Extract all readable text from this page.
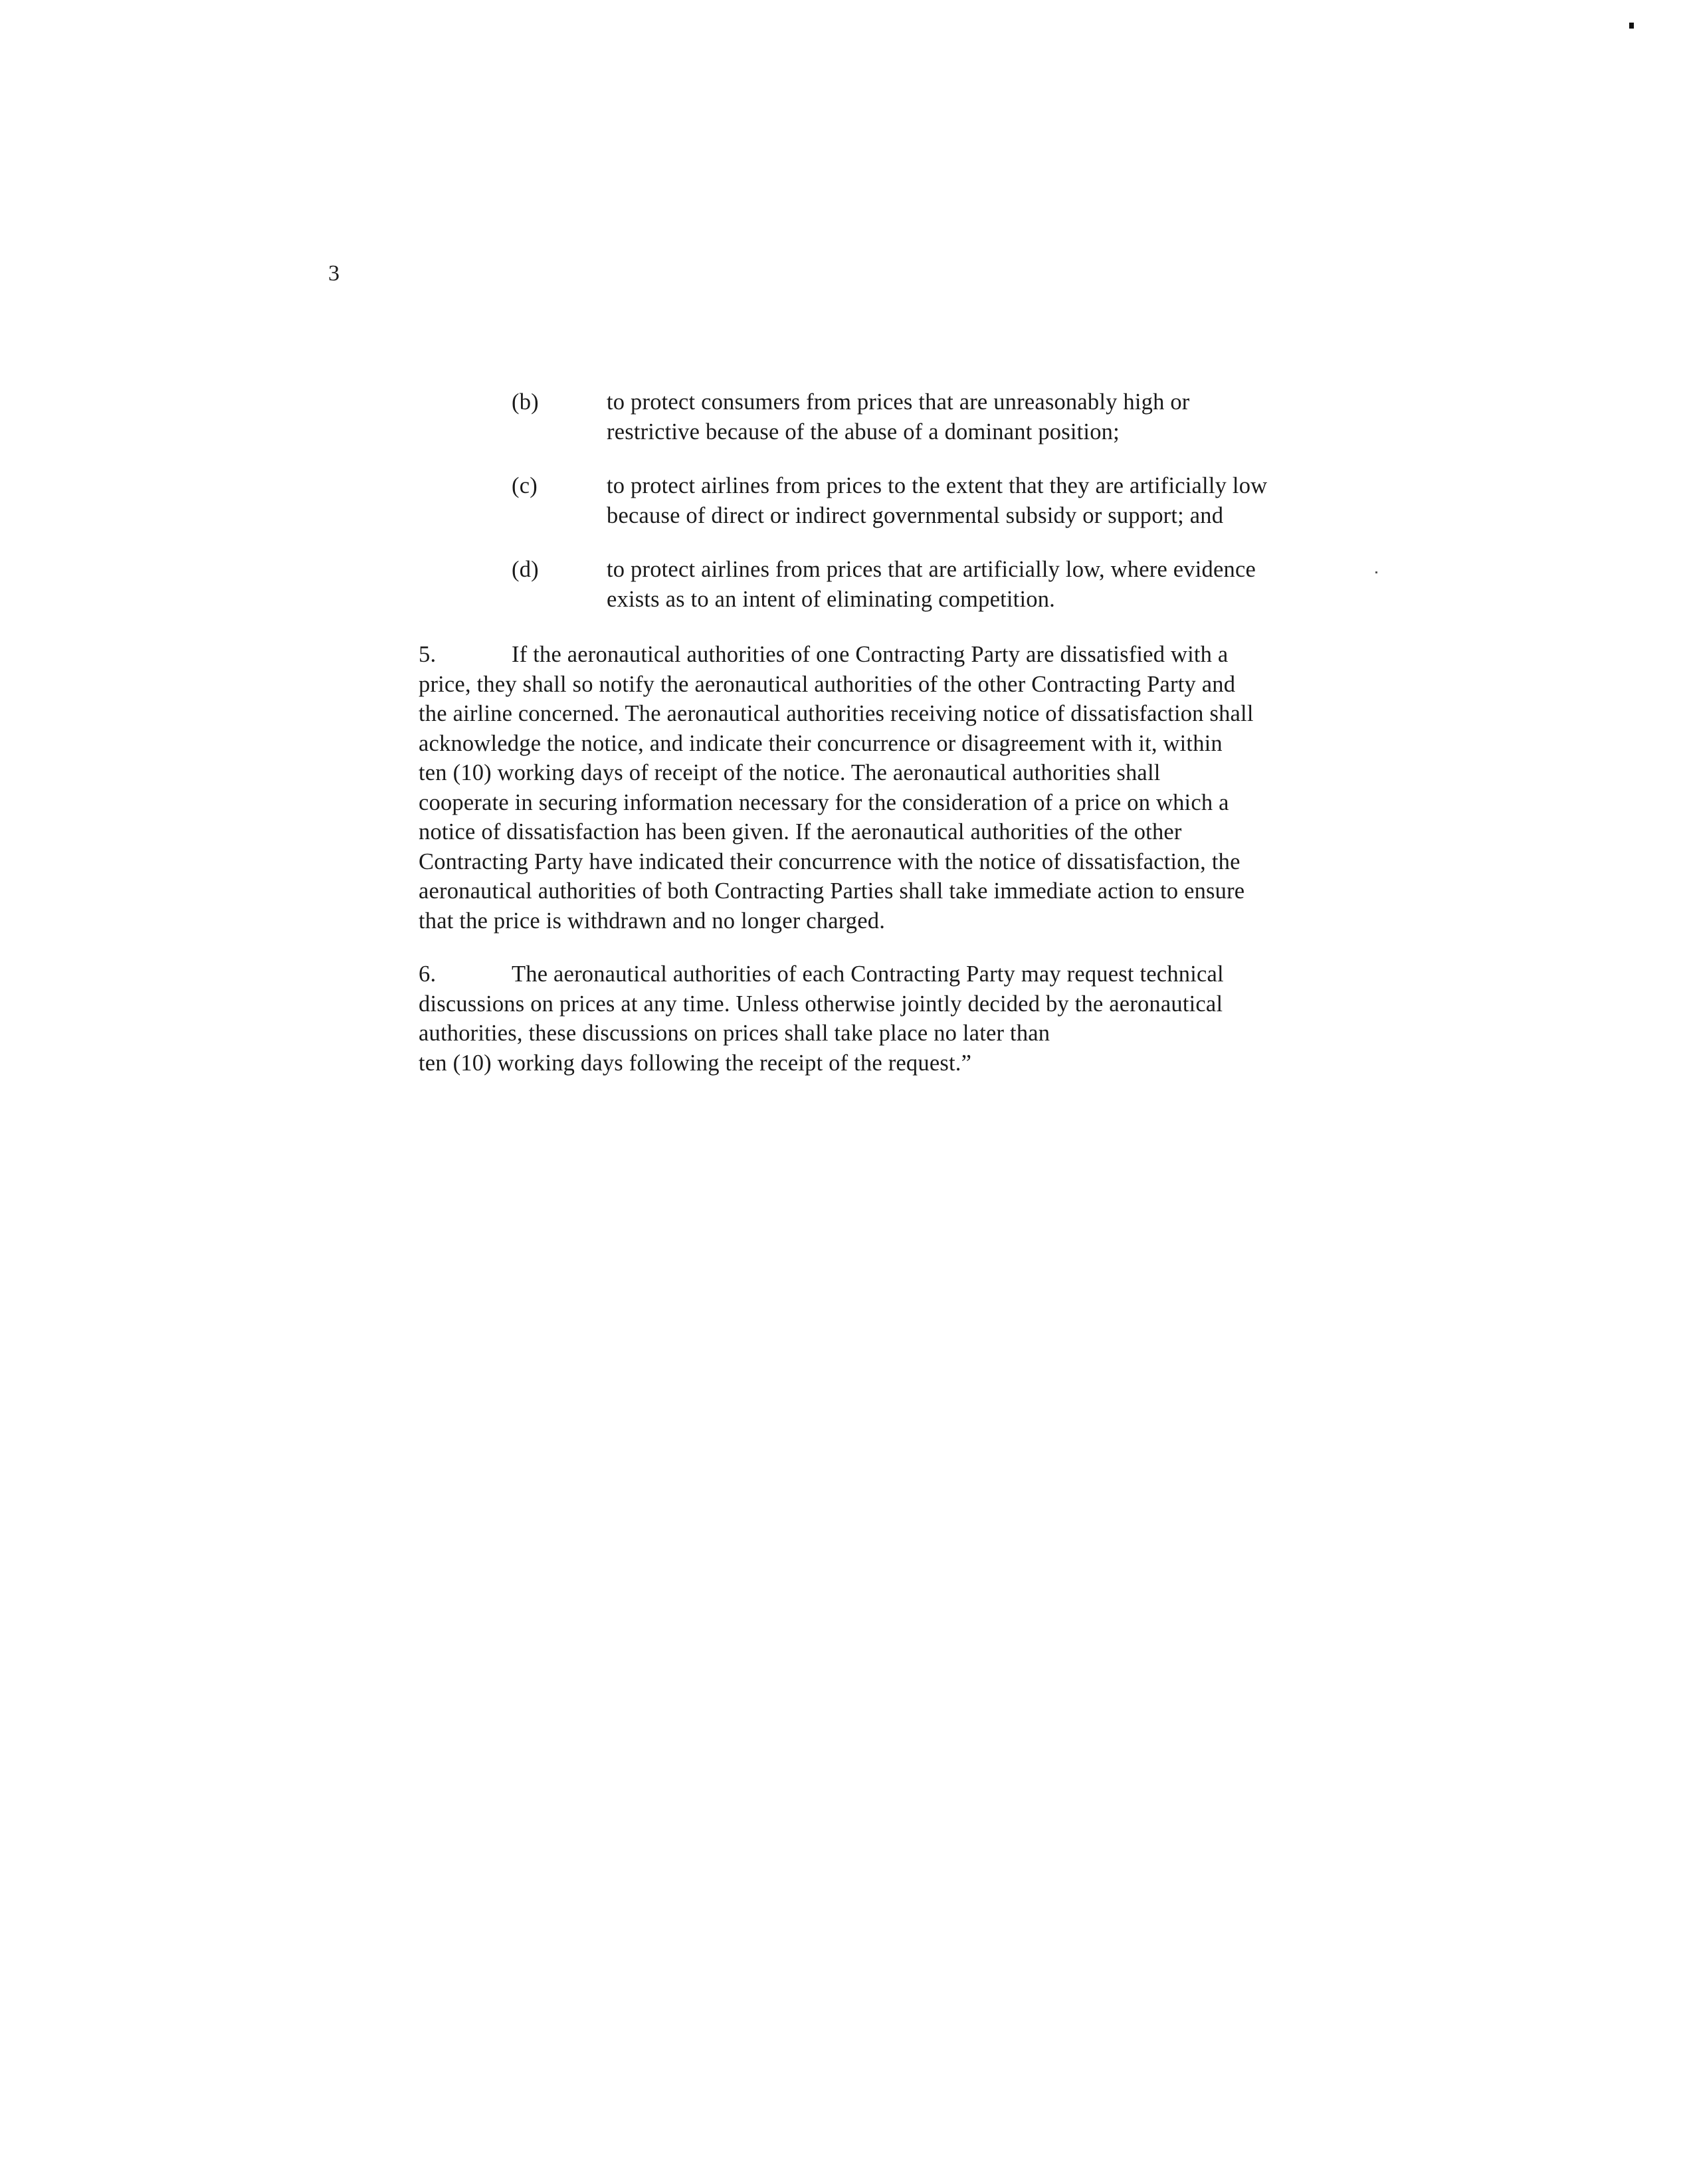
3
(b)	to protect consumers from prices that are unreasonably high or
restrictive because of the abuse of a dominant position;
(c)	to protect airlines from prices to the extent that they are artificially low
because of direct or indirect governmental subsidy or support; and
(d)	to protect airlines from prices that are artificially low, where evidence
exists as to an intent of eliminating competition.
5.	If the aeronautical authorities of one Contracting Party are dissatisfied with a
price, they shall so notify the aeronautical authorities of the other Contracting Party and
the airline concerned. The aeronautical authorities receiving notice of dissatisfaction shall
acknowledge the notice, and indicate their concurrence or disagreement with it, within
ten (10) working days of receipt of the notice. The aeronautical authorities shall
cooperate in securing information necessary for the consideration of a price on which a
notice of dissatisfaction has been given. If the aeronautical authorities of the other
Contracting Party have indicated their concurrence with the notice of dissatisfaction, the
aeronautical authorities of both Contracting Parties shall take immediate action to ensure
that the price is withdrawn and no longer charged.
6.	The aeronautical authorities of each Contracting Party may request technical
discussions on prices at any time. Unless otherwise jointly decided by the aeronautical
authorities, these discussions on prices shall take place no later than
ten (10) working days following the receipt of the request.”
